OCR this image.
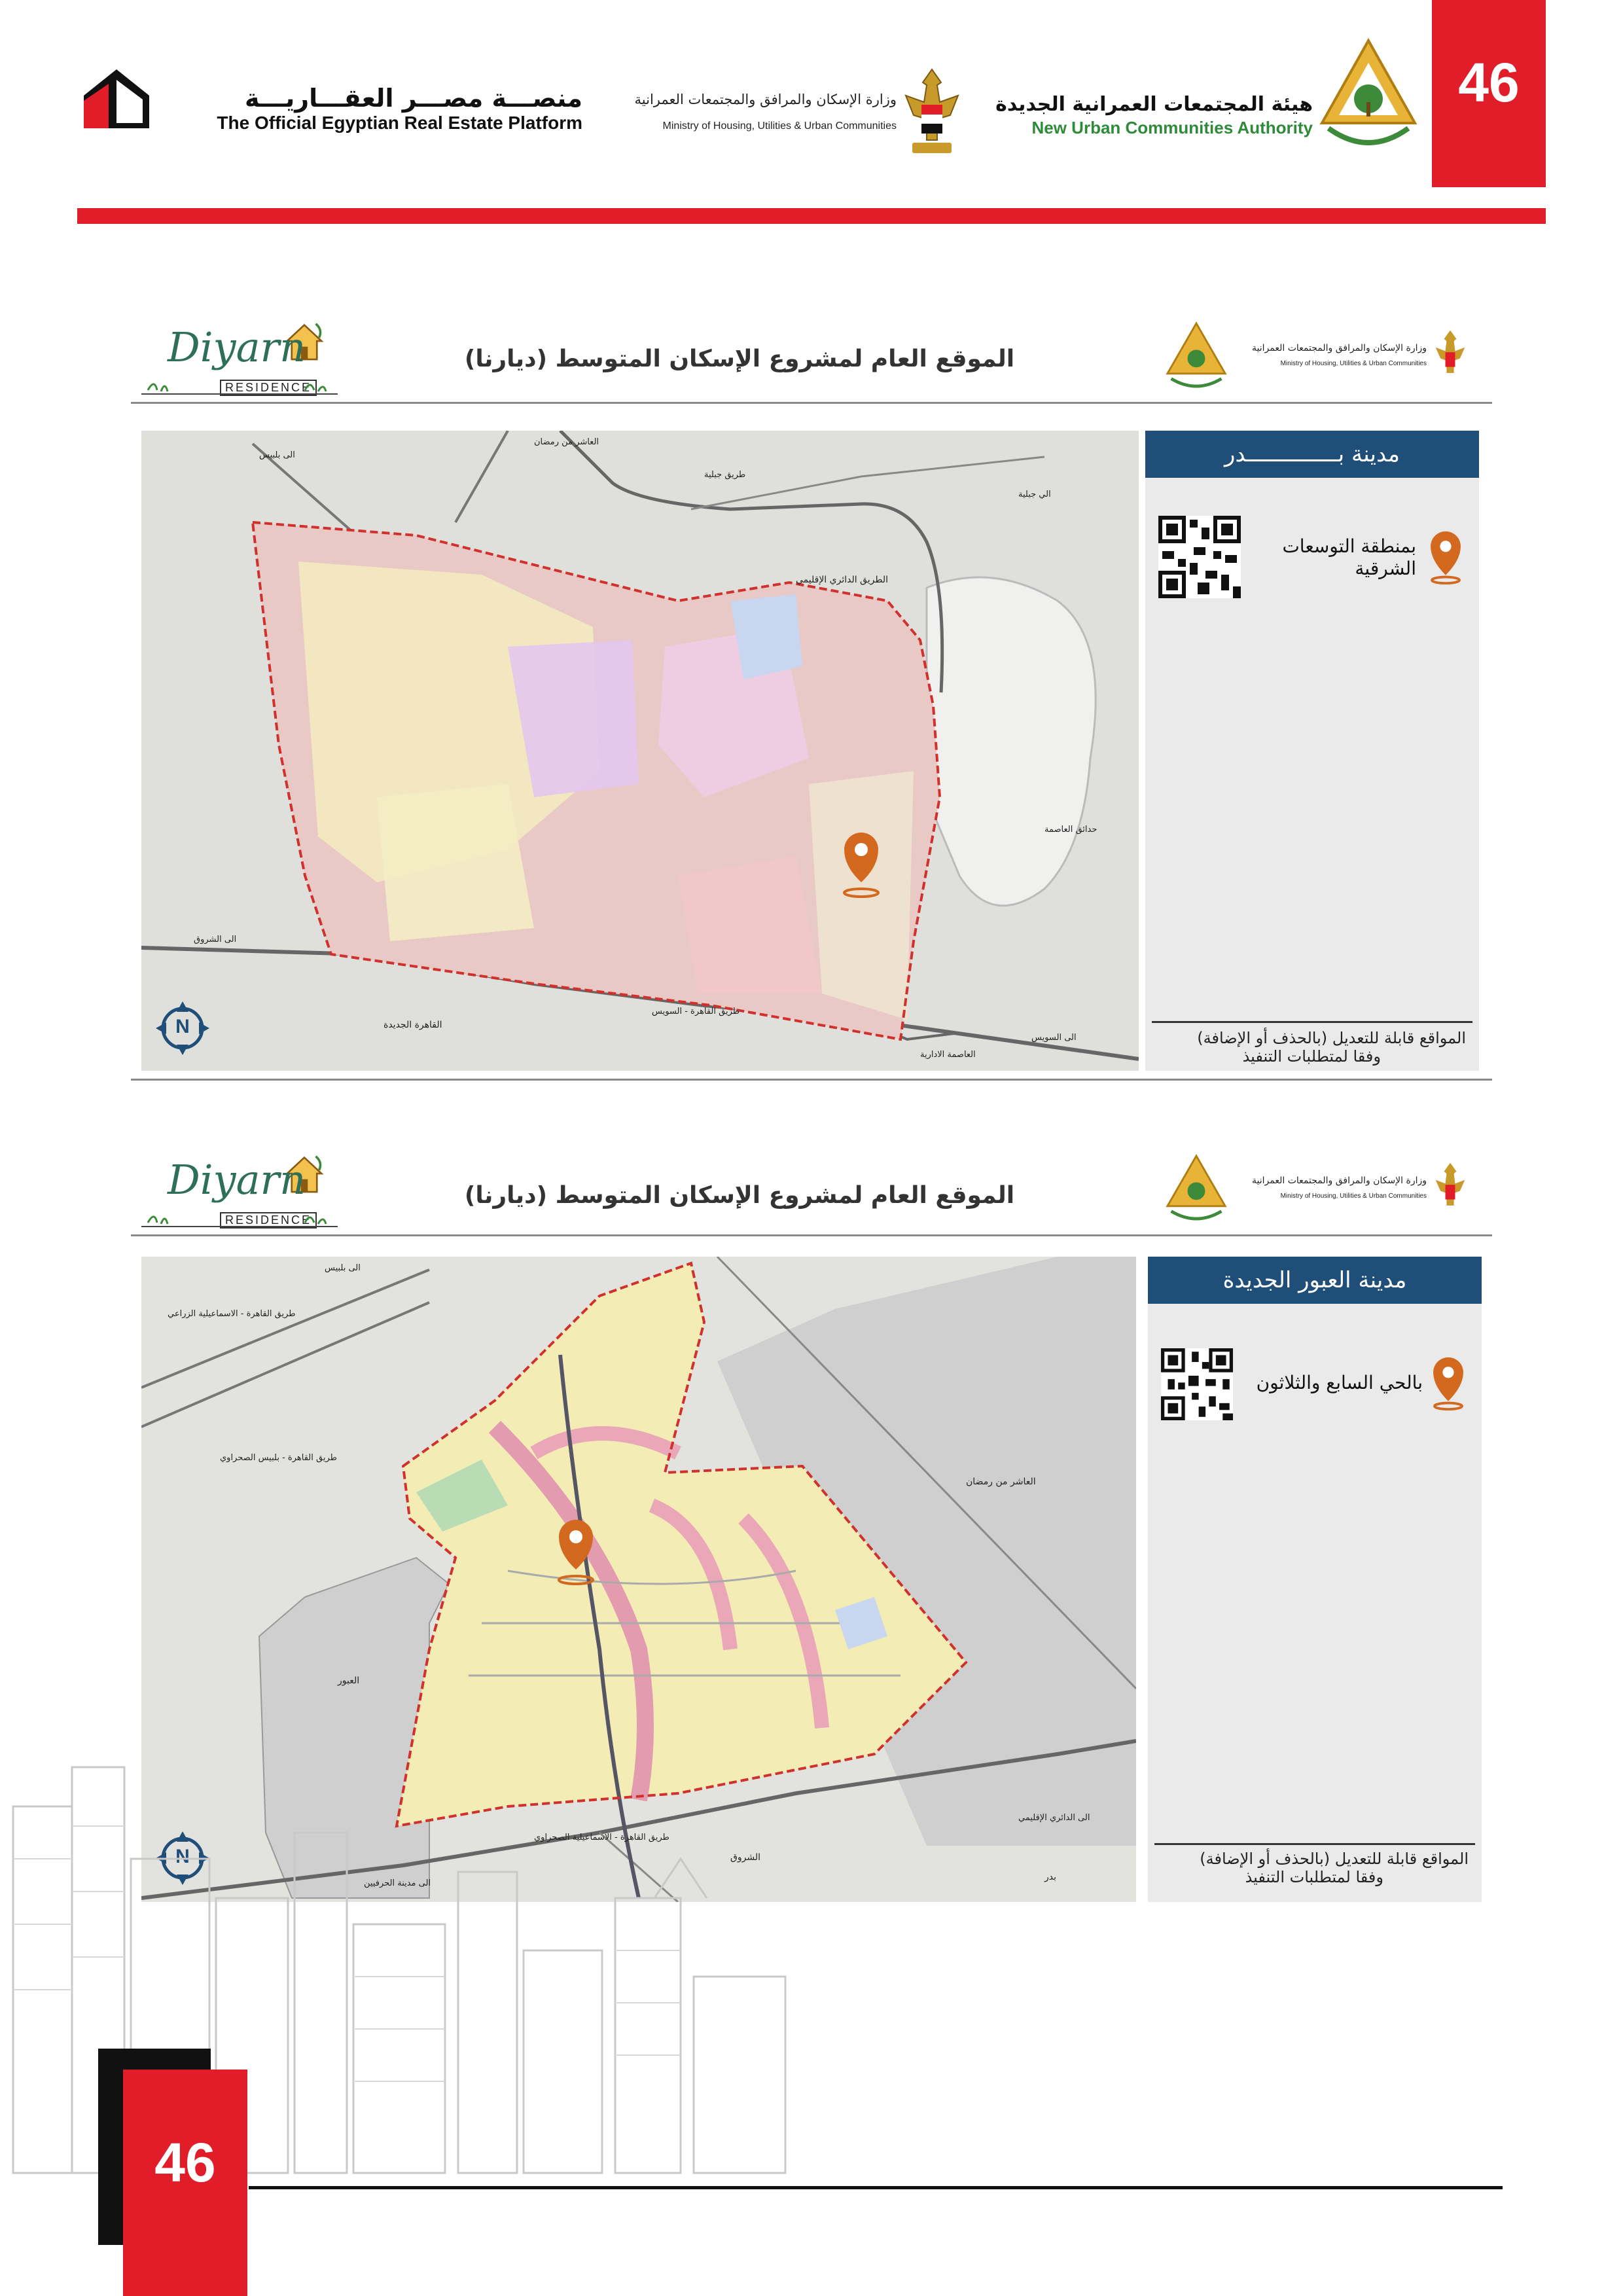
46
منصـــة مصـــر العقـــاريـــة
The Official Egyptian Real Estate Platform
وزارة الإسكان والمرافق والمجتمعات العمرانية
Ministry of Housing, Utilities & Urban Communities
هيئة المجتمعات العمرانية الجديدة
New Urban Communities Authority
Diyarn
RESIDENCE
الموقع العام لمشروع الإسكان المتوسط (ديارنا)	وزارة الإسكان والمرافق والمجتمعات العمرانية
Ministry of Housing, Utilities & Urban Communities
العاشر من رمضان
الى بلبيس
طريق جبلية
الي جبلية
الطريق الدائري الإقليمي
حدائق العاصمة
الى الشروق
القاهرة الجديدة
طريق القاهرة - السويس
الى السويس
العاصمة الادارية
N
مدينة بــــــــــــــدر
بمنطقة التوسعات الشرقية
المواقع قابلة للتعديل (بالحذف أو الإضافة)
وفقا لمتطلبات التنفيذ
Diyarn
RESIDENCE
الموقع العام لمشروع الإسكان المتوسط (ديارنا)
وزارة الإسكان والمرافق والمجتمعات العمرانية
Ministry of Housing, Utilities & Urban Communities
العاشر من رمضان
العبور
الى بلبيس
طريق القاهرة - الاسماعيلية الزراعي
طريق القاهرة - بلبيس الصحراوي
طريق القاهرة - الاسماعيلية الصحراوي
الى الدائري الإقليمي
الشروق
بدر
الى مدينة الحرفيين
N
مدينة العبور الجديدة
بالحي السابع والثلاثون
المواقع قابلة للتعديل (بالحذف أو الإضافة)
وفقا لمتطلبات التنفيذ
46
